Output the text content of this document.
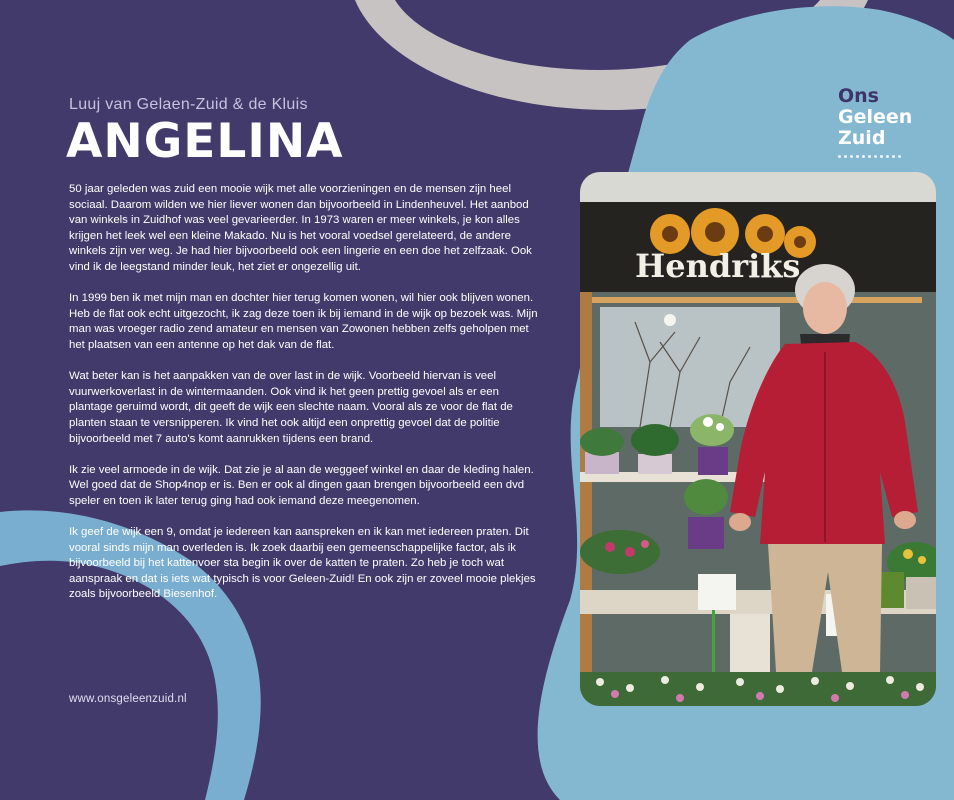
Luuj van Gelaen-Zuid & de Kluis
ANGELINA
Ons
Geleen
Zuid

50 jaar geleden was zuid een mooie wijk met alle voorzieningen en de mensen zijn heel sociaal. Daarom wilden we hier liever wonen dan bijvoorbeeld in Lindenheuvel. Het aanbod van winkels in Zuidhof was veel gevarieerder. In 1973 waren er meer winkels, je kon alles krijgen het leek wel een kleine Makado. Nu is het vooral voedsel gerelateerd, de andere winkels zijn ver weg. Je had hier bijvoorbeeld ook een lingerie en een doe het zelfzaak. Ook vind ik de leegstand minder leuk, het ziet er ongezellig uit.

In 1999 ben ik met mijn man en dochter hier terug komen wonen, wil hier ook blijven wonen. Heb de flat ook echt uitgezocht, ik zag deze toen ik bij iemand in de wijk op bezoek was. Mijn man was vroeger radio zend amateur en mensen van Zowonen hebben zelfs geholpen met het plaatsen van een antenne op het dak van de flat.

Wat beter kan is het aanpakken van de over last in de wijk. Voorbeeld hiervan is veel vuurwerkoverlast in de wintermaanden. Ook vind ik het geen prettig gevoel als er een plantage geruimd wordt, dit geeft de wijk een slechte naam. Vooral als ze voor de flat de planten staan te versnipperen. Ik vind het ook altijd een onprettig gevoel dat de politie bijvoorbeeld met 7 auto's komt aanrukken tijdens een brand.

Ik zie veel armoede in de wijk. Dat zie je al aan de weggeef winkel en daar de kleding halen. Wel goed dat de Shop4nop er is. Ben er ook al dingen gaan brengen bijvoorbeeld een dvd speler en toen ik later terug ging had ook iemand deze meegenomen.

Ik geef de wijk een 9, omdat je iedereen kan aanspreken en ik kan met iedereen praten. Dit vooral sinds mijn man overleden is. Ik zoek daarbij een gemeenschappelijke factor, als ik bijvoorbeeld bij het kattenvoer sta begin ik over de katten te praten. Zo heb je toch wat aanspraak en dat is iets wat typisch is voor Geleen-Zuid! En ook zijn er zoveel mooie plekjes zoals bijvoorbeeld Biesenhof.

www.onsgeleenzuid.nl
Hendriks
